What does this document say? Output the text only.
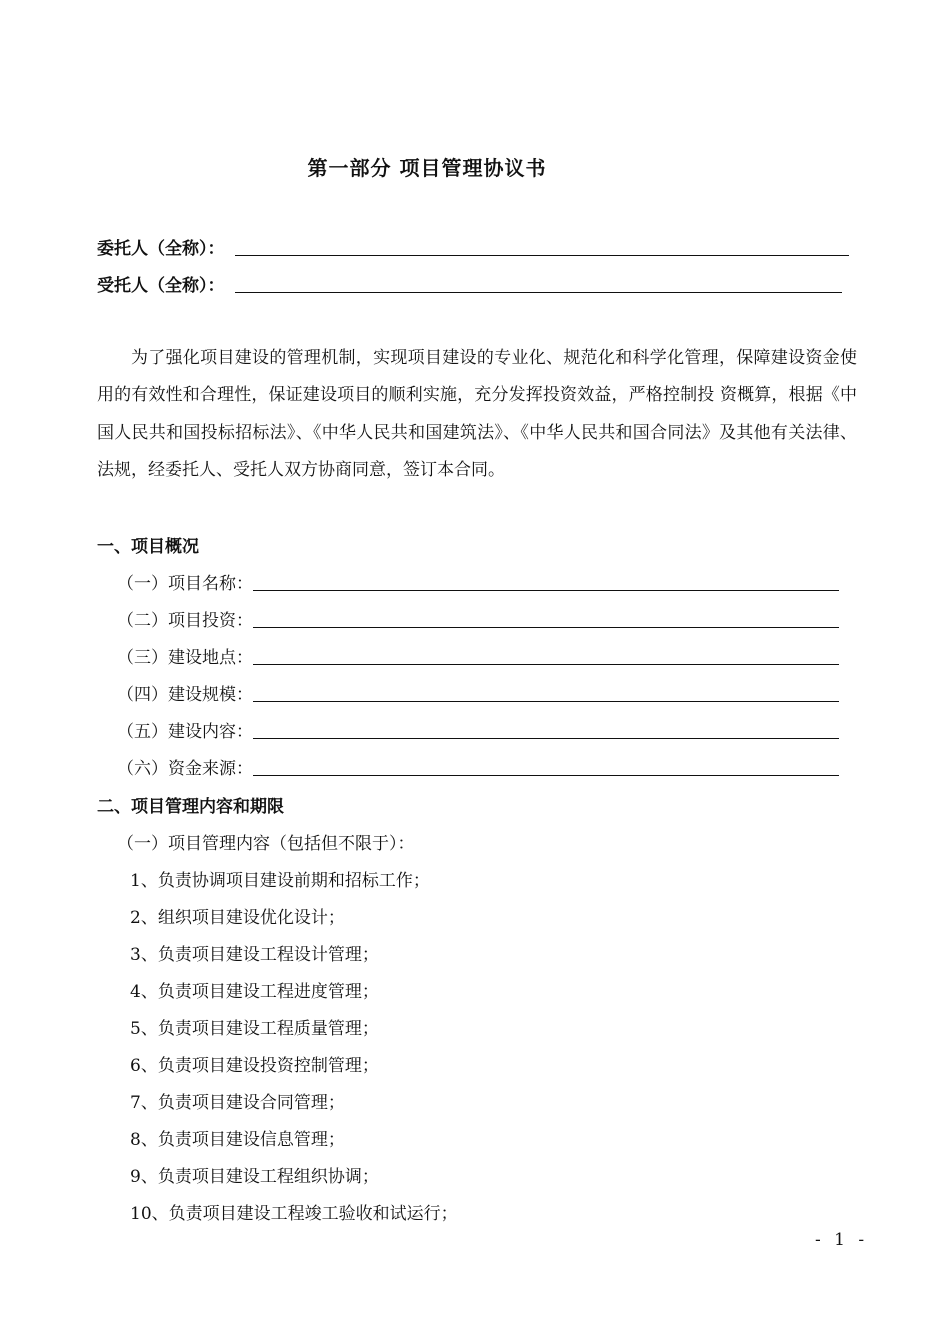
第一部分 项目管理协议书
委托人（全称）：
受托人（全称）：

为了强化项目建设的管理机制，实现项目建设的专业化、规范化和科学化管理，保障建设资金使用的有效性和合理性，保证建设项目的顺利实施，充分发挥投资效益，严格控制投 资概算，根据《中国人民共和国投标招标法》、《中华人民共和国建筑法》、《中华人民共和国合同法》及其他有关法律、法规，经委托人、受托人双方协商同意，签订本合同。

一、项目概况
（一）项目名称：
（二）项目投资：
（三）建设地点：
（四）建设规模：
（五）建设内容：
（六）资金来源：
二、项目管理内容和期限
（一）项目管理内容（包括但不限于）：
1、负责协调项目建设前期和招标工作；
2、组织项目建设优化设计；
3、负责项目建设工程设计管理；
4、负责项目建设工程进度管理；
5、负责项目建设工程质量管理；
6、负责项目建设投资控制管理；
7、负责项目建设合同管理；
8、负责项目建设信息管理；
9、负责项目建设工程组织协调；
10、负责项目建设工程竣工验收和试运行；
- 1 -
